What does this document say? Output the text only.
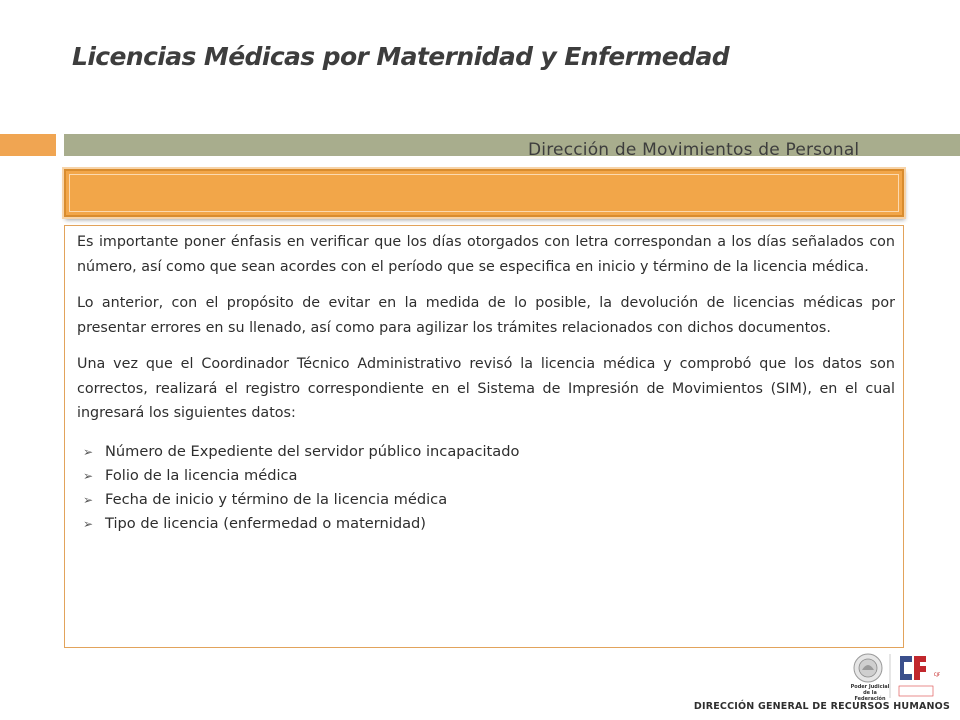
Licencias Médicas por Maternidad y Enfermedad
Dirección de Movimientos de Personal

Es importante poner énfasis en verificar que los días otorgados con letra correspondan a los días señalados con número, así como que sean acordes con el período que se especifica en inicio y término de la licencia médica.

Lo anterior, con el propósito de evitar en la medida de lo posible, la devolución de licencias médicas por presentar errores en su llenado, así como para agilizar los trámites relacionados con dichos documentos.

Una vez que el Coordinador Técnico Administrativo revisó la licencia médica y comprobó que los datos son correctos, realizará el registro correspondiente en el Sistema de Impresión de Movimientos (SIM), en el cual ingresará los siguientes datos:

➢ Número de Expediente del servidor público incapacitado
➢ Folio de la licencia médica
➢ Fecha de inicio y término de la licencia médica
➢ Tipo de licencia (enfermedad o maternidad)
Poder Judicial de la Federación
CJF
DIRECCIÓN GENERAL DE RECURSOS HUMANOS
